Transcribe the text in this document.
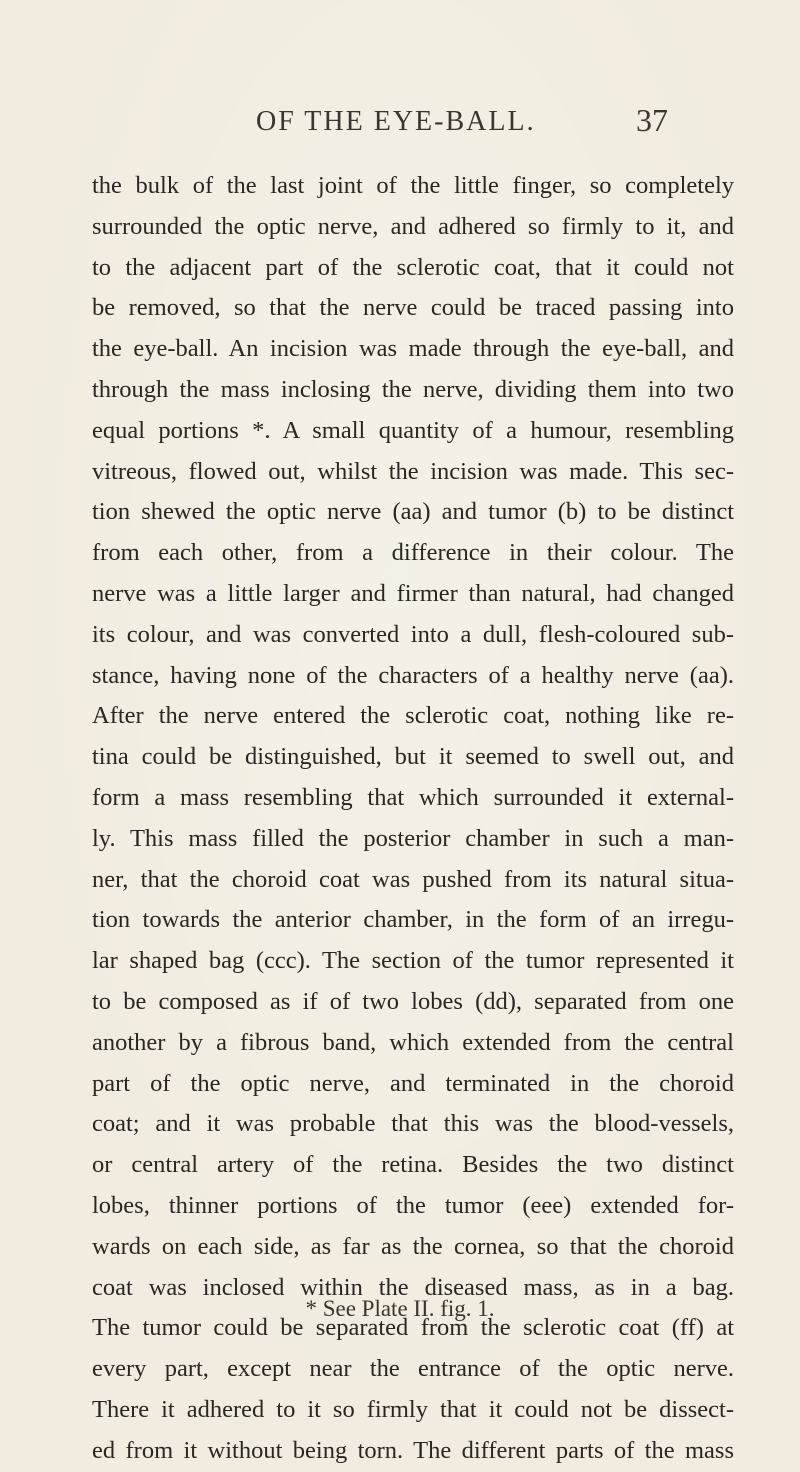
OF THE EYE-BALL.	37
the bulk of the last joint of the little finger, so completely
surrounded the optic nerve, and adhered so firmly to it, and
to the adjacent part of the sclerotic coat, that it could not
be removed, so that the nerve could be traced passing into
the eye-ball. An incision was made through the eye-ball, and
through the mass inclosing the nerve, dividing them into two
equal portions *. A small quantity of a humour, resembling
vitreous, flowed out, whilst the incision was made. This sec-
tion shewed the optic nerve (aa) and tumor (b) to be distinct
from each other, from a difference in their colour. The
nerve was a little larger and firmer than natural, had changed
its colour, and was converted into a dull, flesh-coloured sub-
stance, having none of the characters of a healthy nerve (aa).
After the nerve entered the sclerotic coat, nothing like re-
tina could be distinguished, but it seemed to swell out, and
form a mass resembling that which surrounded it external-
ly. This mass filled the posterior chamber in such a man-
ner, that the choroid coat was pushed from its natural situa-
tion towards the anterior chamber, in the form of an irregu-
lar shaped bag (ccc). The section of the tumor represented it
to be composed as if of two lobes (dd), separated from one
another by a fibrous band, which extended from the central
part of the optic nerve, and terminated in the choroid
coat; and it was probable that this was the blood-vessels,
or central artery of the retina. Besides the two distinct
lobes, thinner portions of the tumor (eee) extended for-
wards on each side, as far as the cornea, so that the choroid
coat was inclosed within the diseased mass, as in a bag.
The tumor could be separated from the sclerotic coat (ff) at
every part, except near the entrance of the optic nerve.
There it adhered to it so firmly that it could not be dissect-
ed from it without being torn. The different parts of the mass
* See Plate II. fig. 1.
